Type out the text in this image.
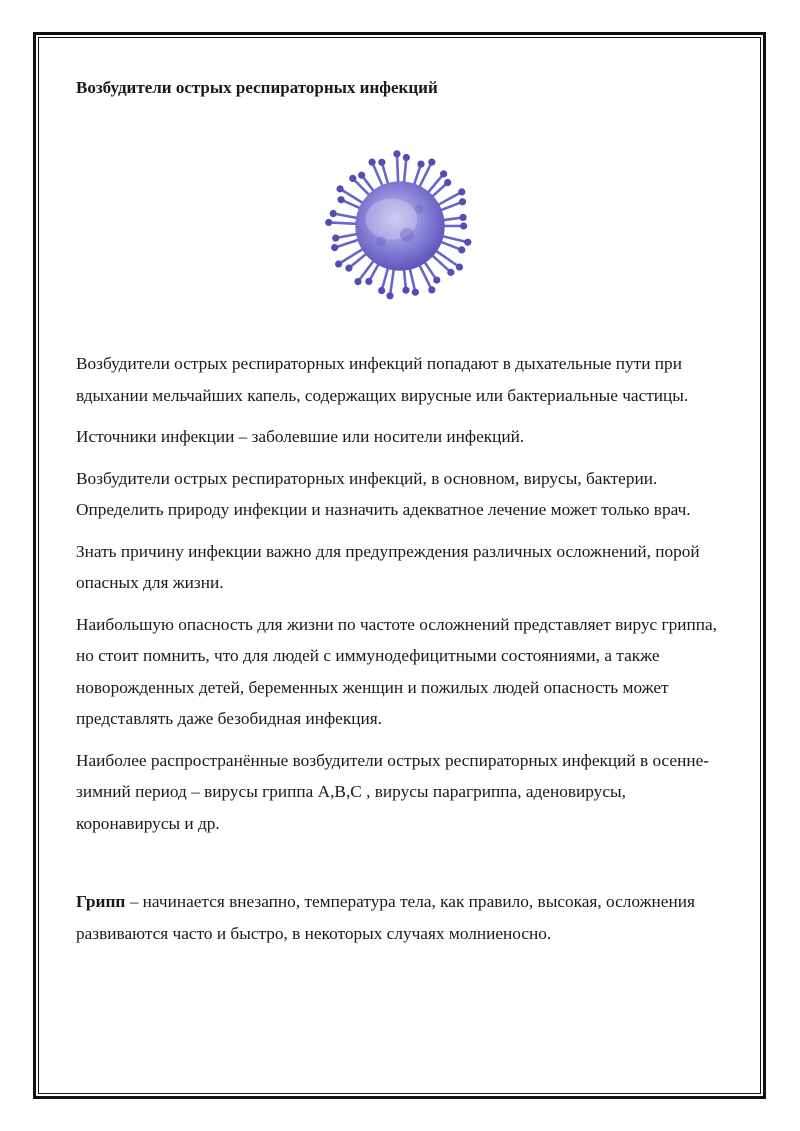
Возбудители острых респираторных инфекций

Возбудители острых респираторных инфекций попадают в дыхательные пути при вдыхании мельчайших капель, содержащих вирусные или бактериальные частицы.

Источники инфекции – заболевшие или носители инфекций.

Возбудители острых респираторных инфекций, в основном, вирусы, бактерии. Определить природу инфекции и назначить адекватное лечение может только врач.

Знать причину инфекции важно для предупреждения различных осложнений, порой опасных для жизни.

Наибольшую опасность для жизни по частоте осложнений представляет вирус гриппа, но стоит помнить, что для людей с иммунодефицитными состояниями, а также новорожденных детей, беременных женщин и пожилых людей опасность может представлять даже безобидная инфекция.

Наиболее распространённые возбудители острых респираторных инфекций в осенне-зимний период – вирусы гриппа А,В,С , вирусы парагриппа, аденовирусы, коронавирусы и др.

Грипп – начинается внезапно, температура тела, как правило, высокая, осложнения развиваются часто и быстро, в некоторых случаях молниеносно.
